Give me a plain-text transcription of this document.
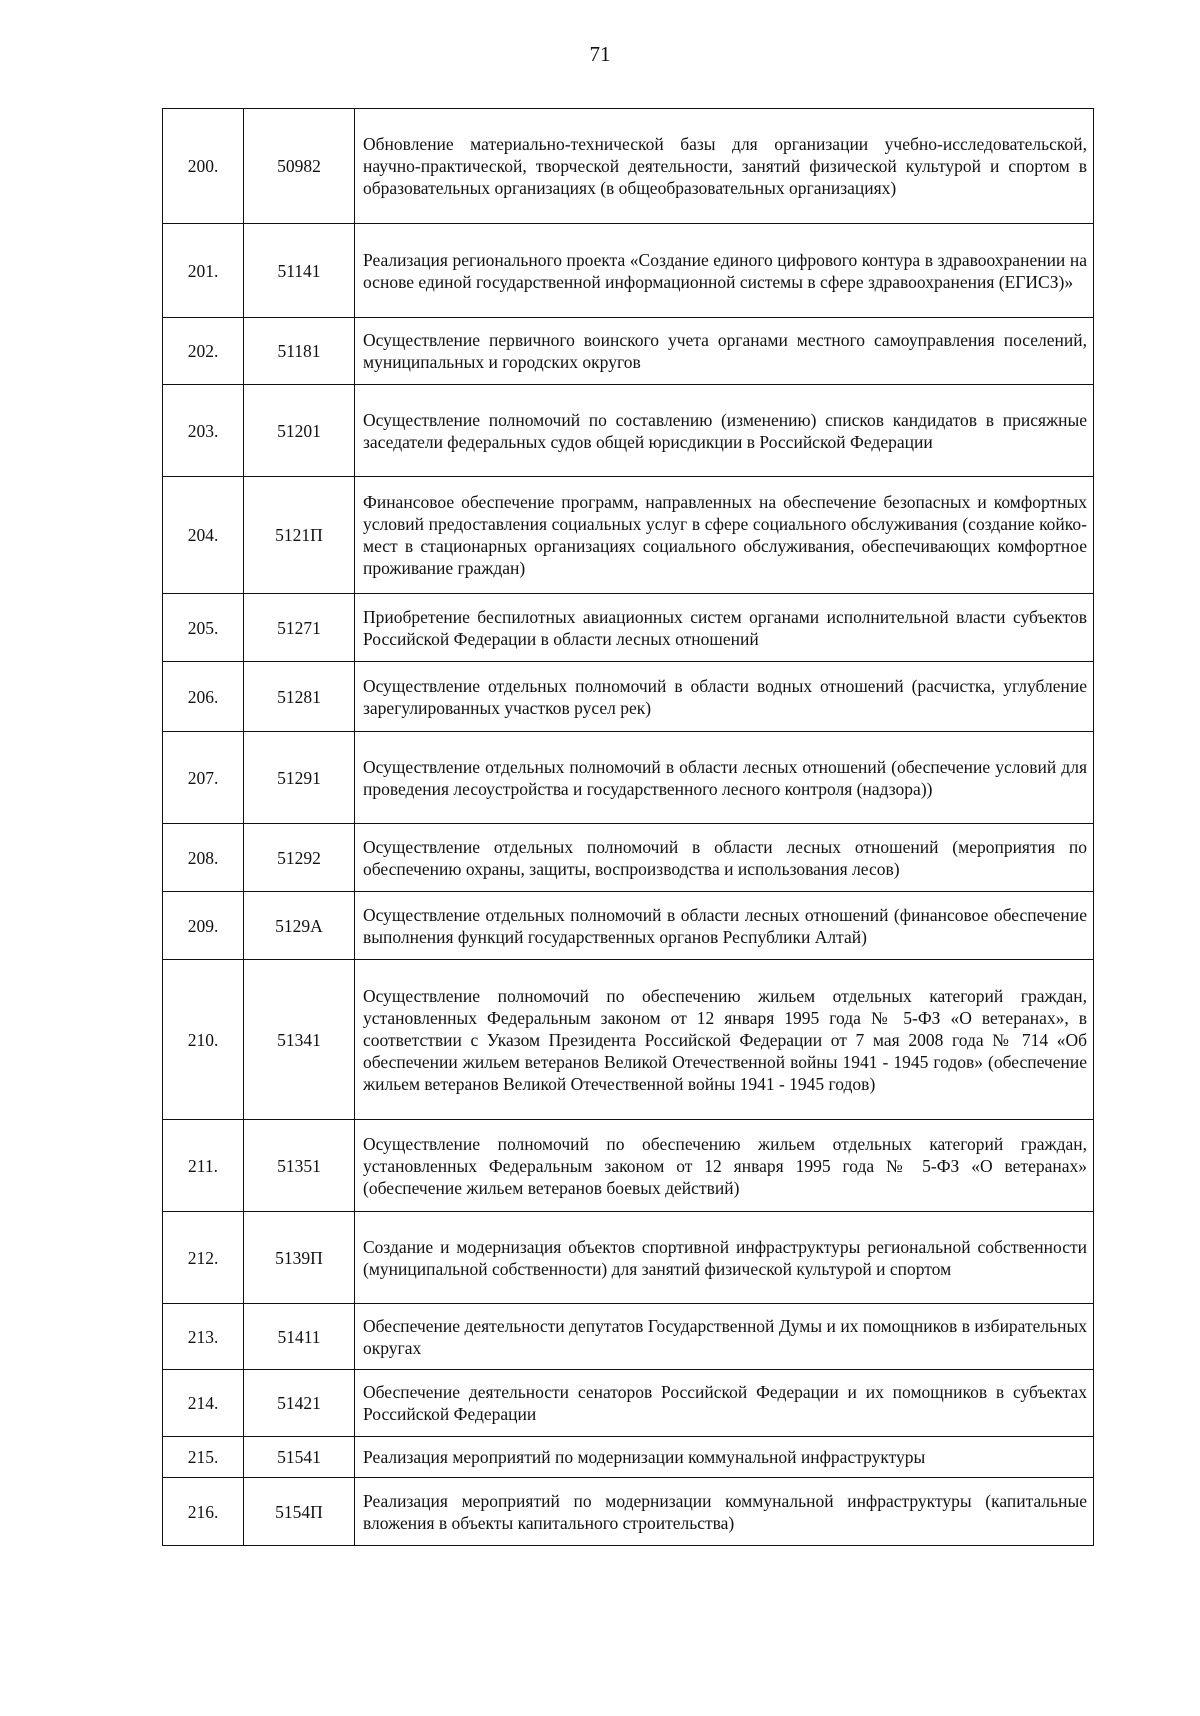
71
200.	50982	Обновление материально-технической базы для организации учебно-исследовательской, научно-практической, творческой деятельности, занятий физической культурой и спортом в образовательных организациях (в общеобразовательных организациях)
201.	51141	Реализация регионального проекта «Создание единого цифрового контура в здравоохранении на основе единой государственной информационной системы в сфере здравоохранения (ЕГИСЗ)»
202.	51181	Осуществление первичного воинского учета органами местного самоуправления поселений, муниципальных и городских округов
203.	51201	Осуществление полномочий по составлению (изменению) списков кандидатов в присяжные заседатели федеральных судов общей юрисдикции в Российской Федерации
204.	5121П	Финансовое обеспечение программ, направленных на обеспечение безопасных и комфортных условий предоставления социальных услуг в сфере социального обслуживания (создание койко-мест в стационарных организациях социального обслуживания, обеспечивающих комфортное проживание граждан)
205.	51271	Приобретение беспилотных авиационных систем органами исполнительной власти субъектов Российской Федерации в области лесных отношений
206.	51281	Осуществление отдельных полномочий в области водных отношений (расчистка, углубление зарегулированных участков русел рек)
207.	51291	Осуществление отдельных полномочий в области лесных отношений (обеспечение условий для проведения лесоустройства и государственного лесного контроля (надзора))
208.	51292	Осуществление отдельных полномочий в области лесных отношений (мероприятия по обеспечению охраны, защиты, воспроизводства и использования лесов)
209.	5129А	Осуществление отдельных полномочий в области лесных отношений (финансовое обеспечение выполнения функций государственных органов Республики Алтай)
210.	51341	Осуществление полномочий по обеспечению жильем отдельных категорий граждан, установленных Федеральным законом от 12 января 1995 года № 5-ФЗ «О ветеранах», в соответствии с Указом Президента Российской Федерации от 7 мая 2008 года № 714 «Об обеспечении жильем ветеранов Великой Отечественной войны 1941 - 1945 годов» (обеспечение жильем ветеранов Великой Отечественной войны 1941 - 1945 годов)
211.	51351	Осуществление полномочий по обеспечению жильем отдельных категорий граждан, установленных Федеральным законом от 12 января 1995 года № 5-ФЗ «О ветеранах» (обеспечение жильем ветеранов боевых действий)
212.	5139П	Создание и модернизация объектов спортивной инфраструктуры региональной собственности (муниципальной собственности) для занятий физической культурой и спортом
213.	51411	Обеспечение деятельности депутатов Государственной Думы и их помощников в избирательных округах
214.	51421	Обеспечение деятельности сенаторов Российской Федерации и их помощников в субъектах Российской Федерации
215.	51541	Реализация мероприятий по модернизации коммунальной инфраструктуры
216.	5154П	Реализация мероприятий по модернизации коммунальной инфраструктуры (капитальные вложения в объекты капитального строительства)
